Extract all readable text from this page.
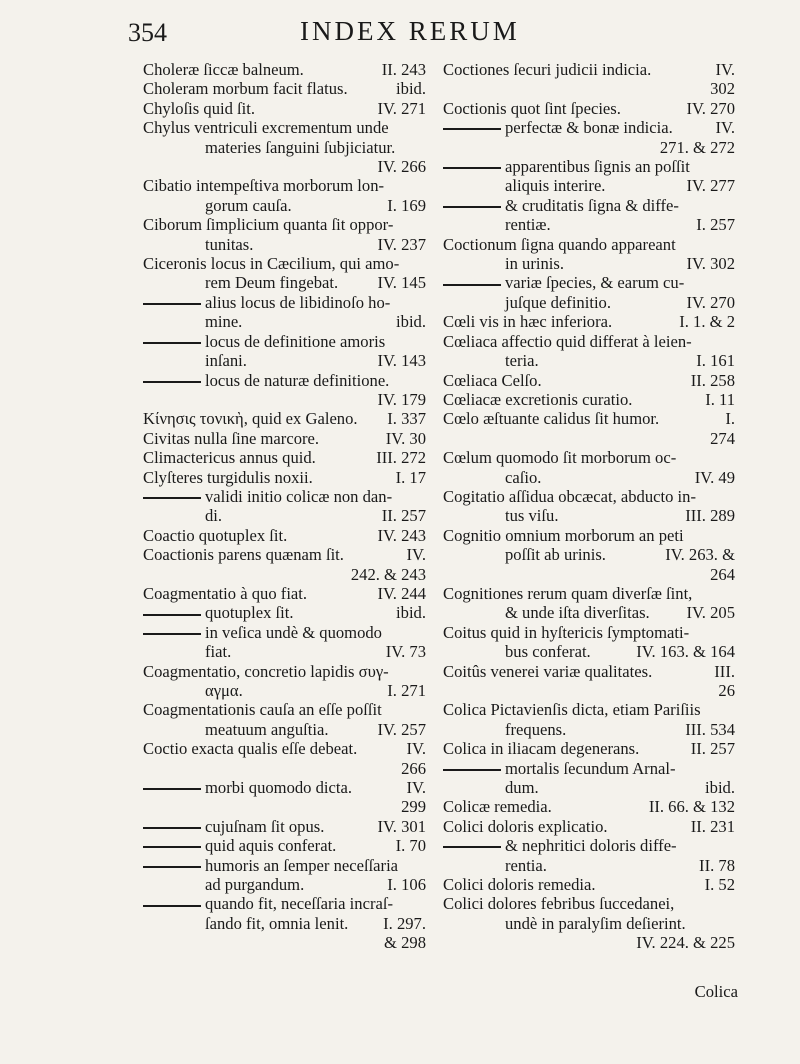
354	INDEX RERUM
Choleræ ſiccæ balneum.	II. 243
Choleram morbum facit flatus.	ibid.
Chyloſis quid ſit.	IV. 271
Chylus ventriculi excrementum unde
materies ſanguini ſubjiciatur.
IV. 266
Cibatio intempeſtiva morborum lon-
gorum cauſa.	I. 169
Ciborum ſimplicium quanta ſit oppor-
tunitas.	IV. 237
Ciceronis locus in Cæcilium, qui amo-
rem Deum fingebat. IV. 145
alius locus de libidinoſo ho-
mine.	ibid.
locus de definitione amoris
inſani.	IV. 143
locus de naturæ definitione.
IV. 179
Κίνησις τονικὴ, quid ex Galeno. I. 337
Civitas nulla ſine marcore.	IV. 30
Climactericus annus quid.	III. 272
Clyſteres turgidulis noxii.	I. 17
validi initio colicæ non dan-
di.	II. 257
Coactio quotuplex ſit.	IV. 243
Coactionis parens quænam ſit.	IV.
242. & 243
Coagmentatio à quo fiat.	IV. 244
quotuplex ſit.	ibid.
in veſica undè & quomodo
fiat.	IV. 73
Coagmentatio, concretio lapidis συγ-
αγμα.	I. 271
Coagmentationis cauſa an eſſe poſſit
meatuum anguſtia.	IV. 257
Coctio exacta qualis eſſe debeat.	IV.
266
morbi quomodo dicta.	IV.
299
cujuſnam ſit opus.	IV. 301
quid aquis conferat.	I. 70
humoris an ſemper neceſſaria
ad purgandum.	I. 106
quando fit, neceſſaria incraſ-
ſando fit, omnia lenit. I. 297.
& 298
Coctiones ſecuri judicii indicia.	IV.
302
Coctionis quot ſint ſpecies.	IV. 270
perfectæ & bonæ indicia.	IV.
271. & 272
apparentibus ſignis an poſſit
aliquis interire.	IV. 277
& cruditatis ſigna & diffe-
rentiæ.	I. 257
Coctionum ſigna quando appareant
in urinis.	IV. 302
variæ ſpecies, & earum cu-
juſque definitio.	IV. 270
Cœli vis in hæc inferiora.	I. 1. & 2
Cœliaca affectio quid differat à leien-
teria.	I. 161
Cœliaca Celſo.	II. 258
Cœliacæ excretionis curatio.	I. 11
Cœlo æſtuante calidus ſit humor.	I.
274
Cœlum quomodo ſit morborum oc-
caſio.	IV. 49
Cogitatio aſſidua obcæcat, abducto in-
tus viſu.	III. 289
Cognitio omnium morborum an peti
poſſit ab urinis.	IV. 263. &
264
Cognitiones rerum quam diverſæ ſint,
& unde iſta diverſitas. IV. 205
Coitus quid in hyſtericis ſymptomati-
bus conferat.	IV. 163. & 164
Coitûs venerei variæ qualitates.	III.
26
Colica Pictavienſis dicta, etiam Pariſiis
frequens.	III. 534
Colica in iliacam degenerans.	II. 257
mortalis ſecundum Arnal-
dum.	ibid.
Colicæ remedia.	II. 66. & 132
Colici doloris explicatio.	II. 231
& nephritici doloris diffe-
rentia.	II. 78
Colici doloris remedia.	I. 52
Colici dolores febribus ſuccedanei,
undè in paralyſim deſierint.
IV. 224. & 225
Colica
